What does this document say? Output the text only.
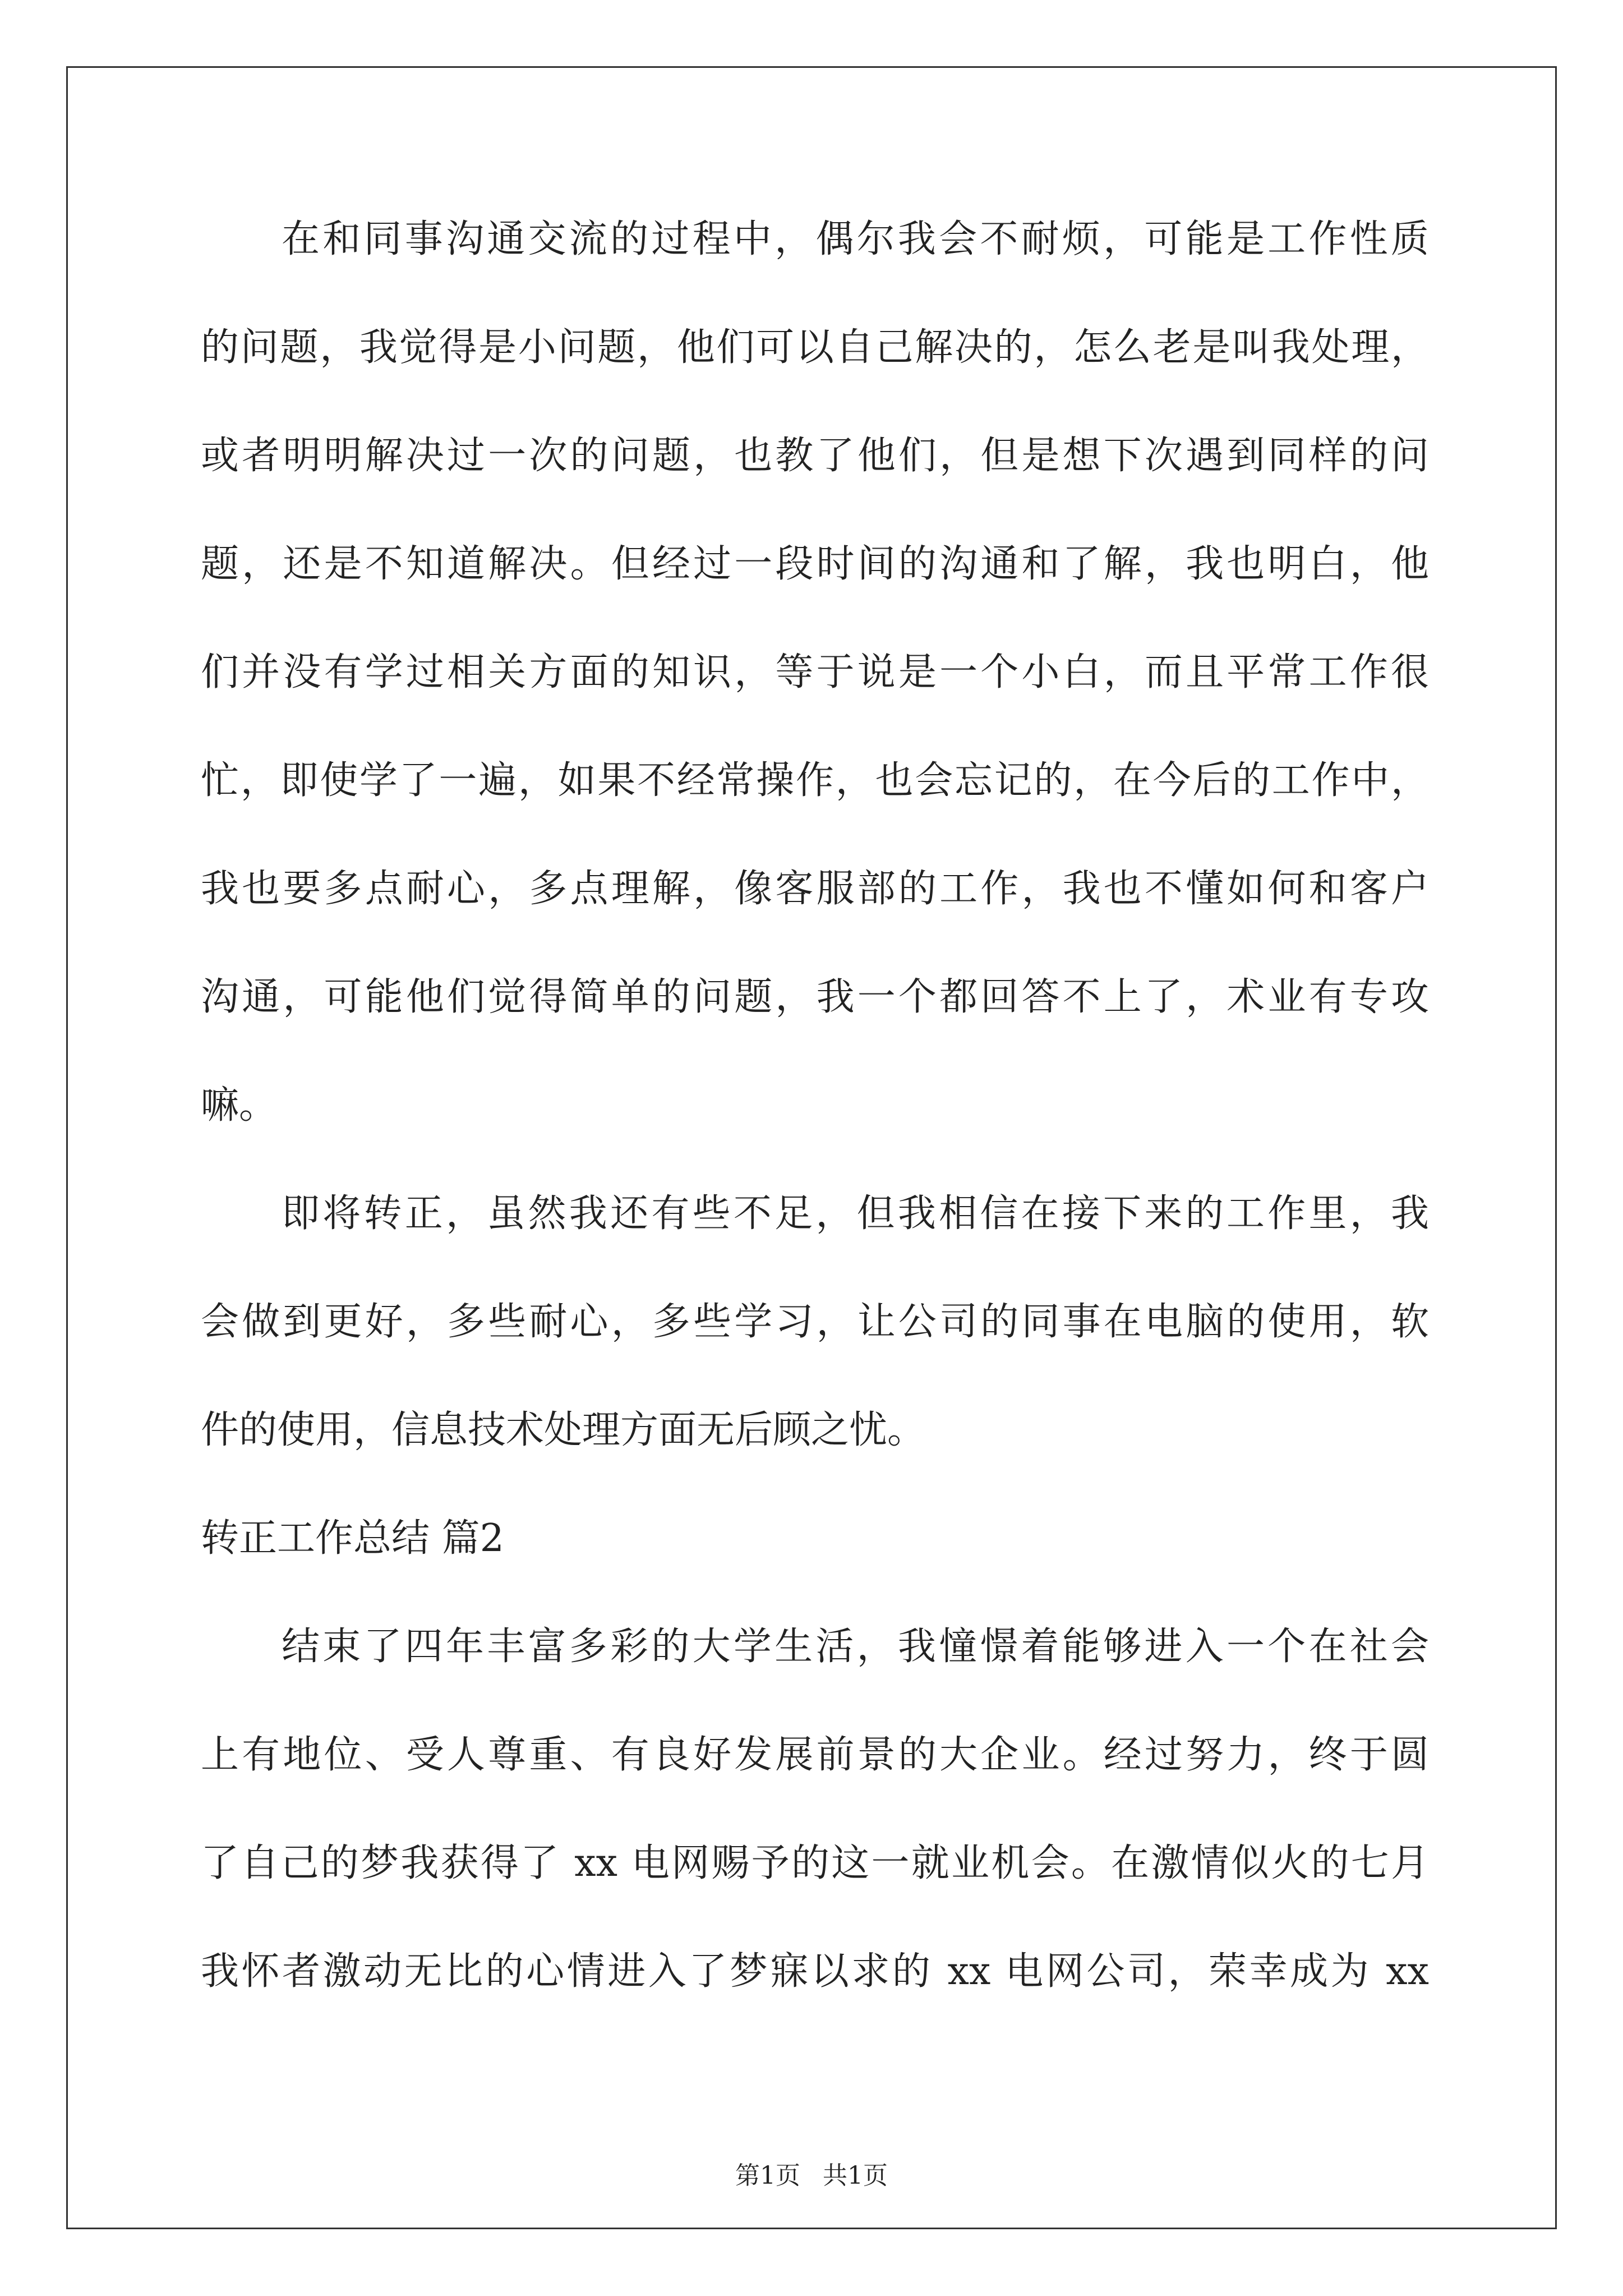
在和同事沟通交流的过程中，偶尔我会不耐烦，可能是工作性质
的问题，我觉得是小问题，他们可以自己解决的，怎么老是叫我处理，
或者明明解决过一次的问题，也教了他们，但是想下次遇到同样的问
题，还是不知道解决。但经过一段时间的沟通和了解，我也明白，他
们并没有学过相关方面的知识，等于说是一个小白，而且平常工作很
忙，即使学了一遍，如果不经常操作，也会忘记的，在今后的工作中，
我也要多点耐心，多点理解，像客服部的工作，我也不懂如何和客户
沟通，可能他们觉得简单的问题，我一个都回答不上了，术业有专攻
嘛。
即将转正，虽然我还有些不足，但我相信在接下来的工作里，我
会做到更好，多些耐心，多些学习，让公司的同事在电脑的使用，软
件的使用，信息技术处理方面无后顾之忧。
转正工作总结 篇2
结束了四年丰富多彩的大学生活，我憧憬着能够进入一个在社会
上有地位、受人尊重、有良好发展前景的大企业。经过努力，终于圆
了自己的梦我获得了 xx 电网赐予的这一就业机会。在激情似火的七月
我怀者激动无比的心情进入了梦寐以求的 xx 电网公司，荣幸成为 xx
第1页 共1页
